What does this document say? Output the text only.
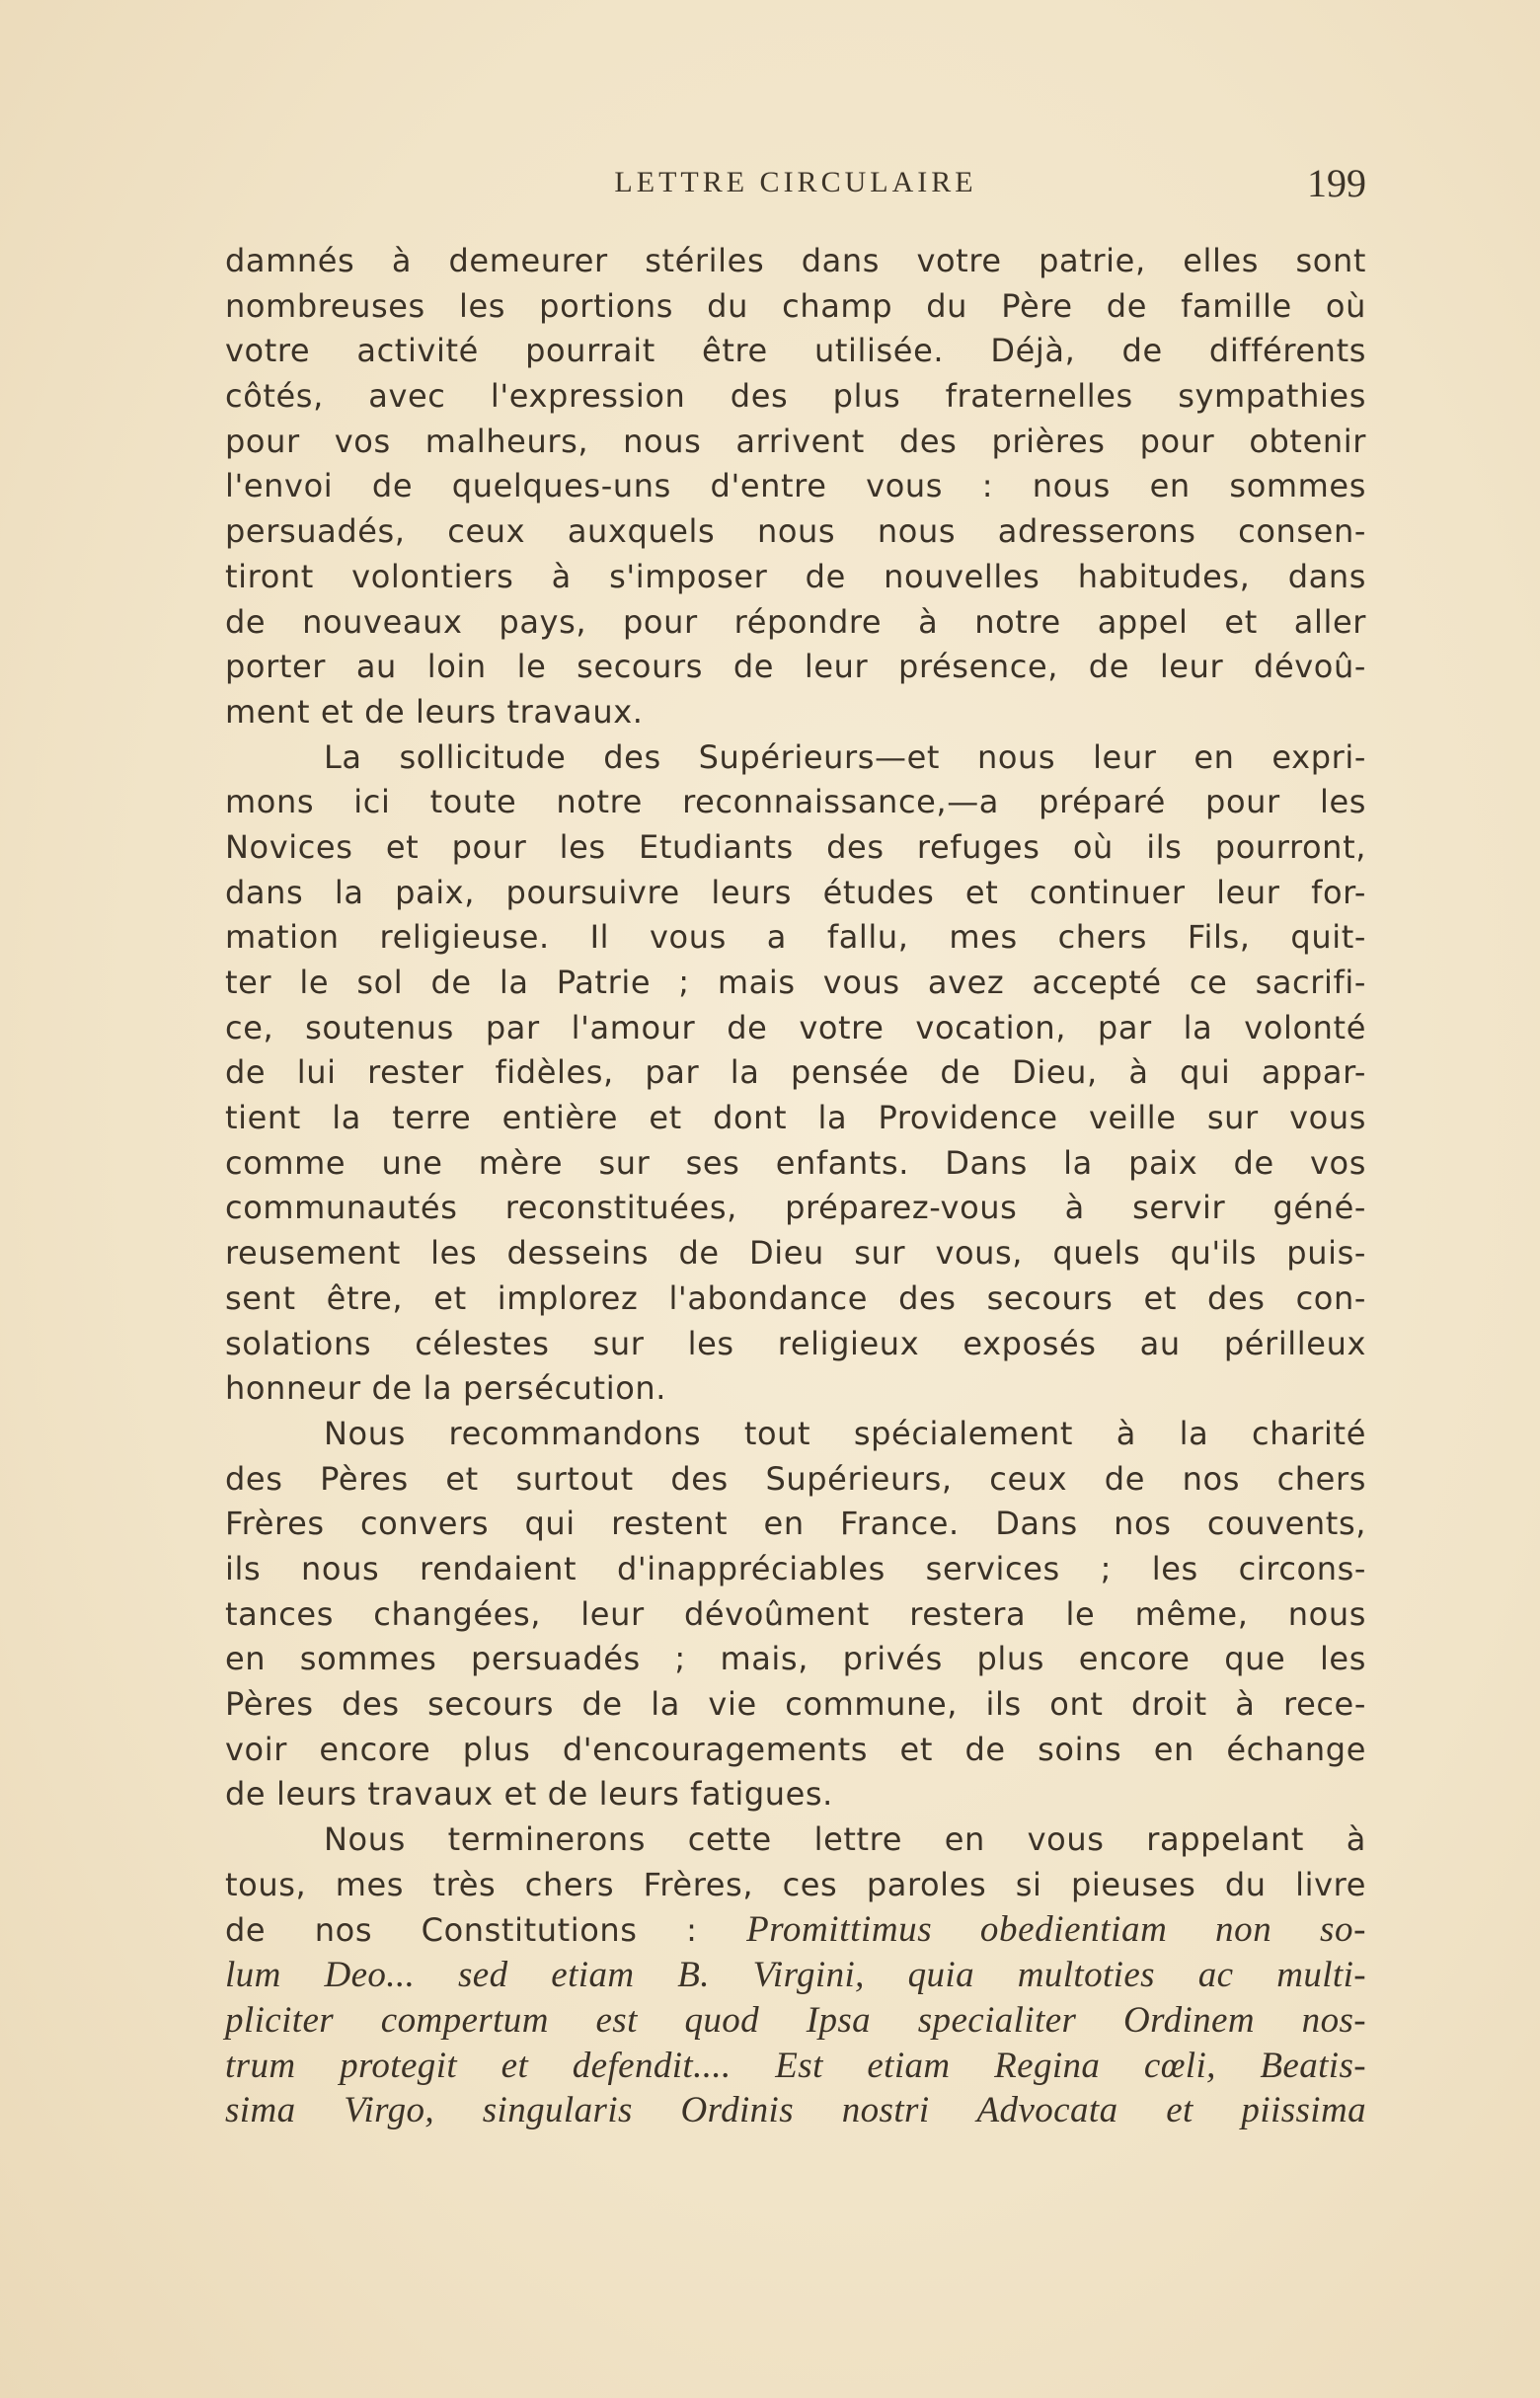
LETTRE CIRCULAIRE	199
damnés à demeurer stériles dans votre patrie, elles sont
nombreuses les portions du champ du Père de famille où
votre activité pourrait être utilisée. Déjà, de différents
côtés, avec l'expression des plus fraternelles sympathies
pour vos malheurs, nous arrivent des prières pour obtenir
l'envoi de quelques-uns d'entre vous : nous en sommes
persuadés, ceux auxquels nous nous adresserons consen-
tiront volontiers à s'imposer de nouvelles habitudes, dans
de nouveaux pays, pour répondre à notre appel et aller
porter au loin le secours de leur présence, de leur dévoû-
ment et de leurs travaux.
La sollicitude des Supérieurs—et nous leur en expri-
mons ici toute notre reconnaissance,—a préparé pour les
Novices et pour les Etudiants des refuges où ils pourront,
dans la paix, poursuivre leurs études et continuer leur for-
mation religieuse. Il vous a fallu, mes chers Fils, quit-
ter le sol de la Patrie ; mais vous avez accepté ce sacrifi-
ce, soutenus par l'amour de votre vocation, par la volonté
de lui rester fidèles, par la pensée de Dieu, à qui appar-
tient la terre entière et dont la Providence veille sur vous
comme une mère sur ses enfants. Dans la paix de vos
communautés reconstituées, préparez-vous à servir géné-
reusement les desseins de Dieu sur vous, quels qu'ils puis-
sent être, et implorez l'abondance des secours et des con-
solations célestes sur les religieux exposés au périlleux
honneur de la persécution.
Nous recommandons tout spécialement à la charité
des Pères et surtout des Supérieurs, ceux de nos chers
Frères convers qui restent en France. Dans nos couvents,
ils nous rendaient d'inappréciables services ; les circons-
tances changées, leur dévoûment restera le même, nous
en sommes persuadés ; mais, privés plus encore que les
Pères des secours de la vie commune, ils ont droit à rece-
voir encore plus d'encouragements et de soins en échange
de leurs travaux et de leurs fatigues.
Nous terminerons cette lettre en vous rappelant à
tous, mes très chers Frères, ces paroles si pieuses du livre
de nos Constitutions : Promittimus obedientiam non so-
lum Deo... sed etiam B. Virgini, quia multoties ac multi-
pliciter compertum est quod Ipsa specialiter Ordinem nos-
trum protegit et defendit.... Est etiam Regina cœli, Beatis-
sima Virgo, singularis Ordinis nostri Advocata et piissima
